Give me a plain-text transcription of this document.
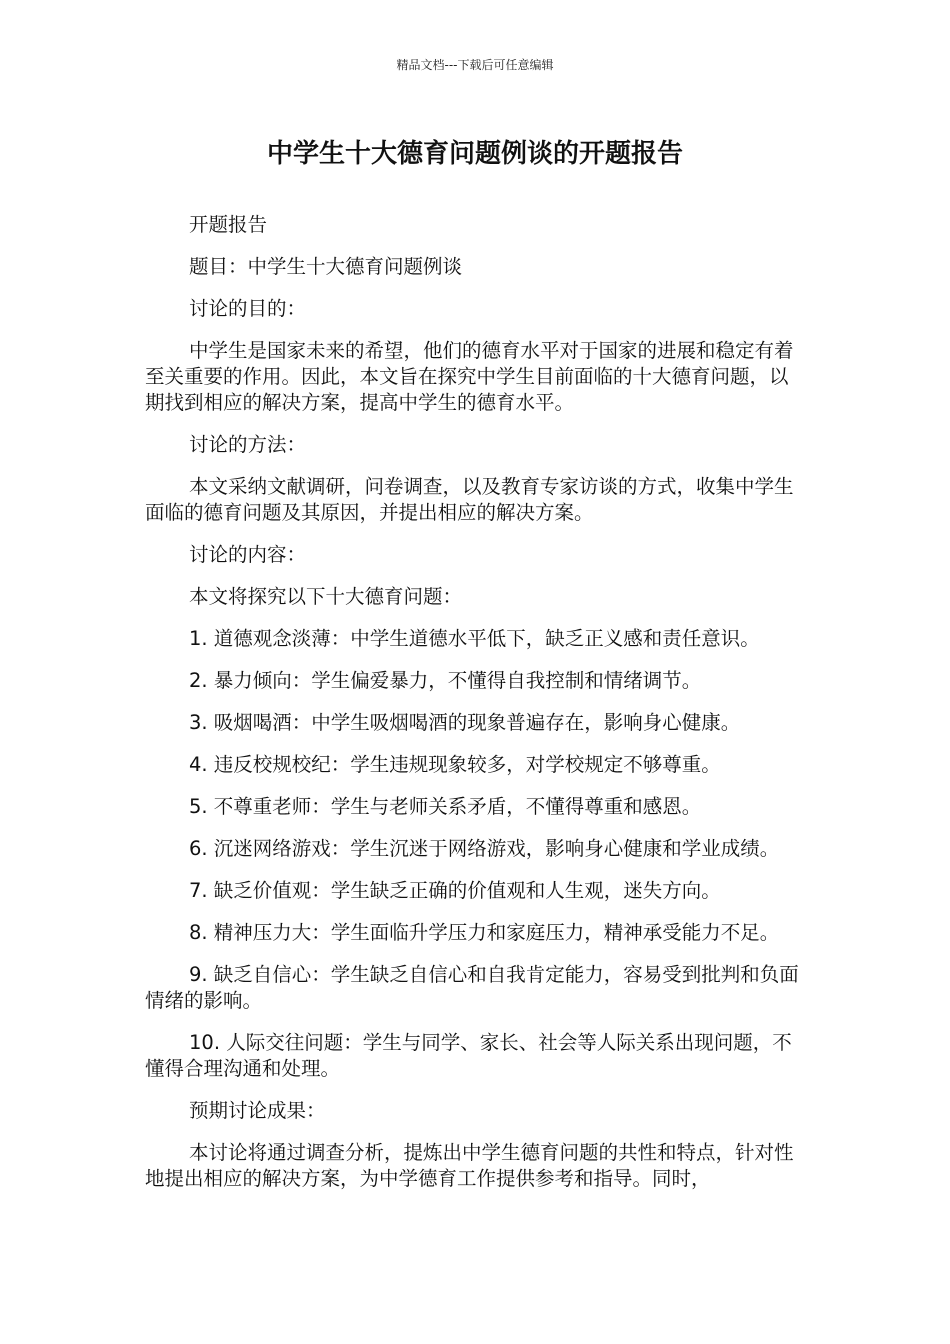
精品文档---下载后可任意编辑
中学生十大德育问题例谈的开题报告

开题报告

题目：中学生十大德育问题例谈

讨论的目的：

中学生是国家未来的希望，他们的德育水平对于国家的进展和稳定有着至关重要的作用。因此，本文旨在探究中学生目前面临的十大德育问题，以期找到相应的解决方案，提高中学生的德育水平。

讨论的方法：

本文采纳文献调研，问卷调查，以及教育专家访谈的方式，收集中学生面临的德育问题及其原因，并提出相应的解决方案。

讨论的内容：

本文将探究以下十大德育问题：

1. 道德观念淡薄：中学生道德水平低下，缺乏正义感和责任意识。

2. 暴力倾向：学生偏爱暴力，不懂得自我控制和情绪调节。

3. 吸烟喝酒：中学生吸烟喝酒的现象普遍存在，影响身心健康。

4. 违反校规校纪：学生违规现象较多，对学校规定不够尊重。

5. 不尊重老师：学生与老师关系矛盾，不懂得尊重和感恩。

6. 沉迷网络游戏：学生沉迷于网络游戏，影响身心健康和学业成绩。

7. 缺乏价值观：学生缺乏正确的价值观和人生观，迷失方向。

8. 精神压力大：学生面临升学压力和家庭压力，精神承受能力不足。

9. 缺乏自信心：学生缺乏自信心和自我肯定能力，容易受到批判和负面情绪的影响。

10. 人际交往问题：学生与同学、家长、社会等人际关系出现问题，不懂得合理沟通和处理。

预期讨论成果：

本讨论将通过调查分析，提炼出中学生德育问题的共性和特点，针对性地提出相应的解决方案，为中学德育工作提供参考和指导。同时，
